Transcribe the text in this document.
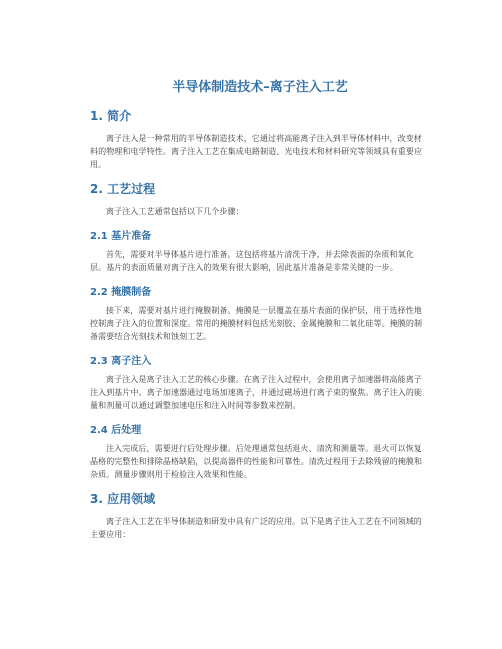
半导体制造技术–离子注入工艺
1. 简介

离子注入是一种常用的半导体制造技术，它通过将高能离子注入到半导体材料中，改变材料的物理和电学特性。离子注入工艺在集成电路制造、光电技术和材料研究等领域具有重要应用。

2. 工艺过程

离子注入工艺通常包括以下几个步骤：

2.1 基片准备

首先，需要对半导体基片进行准备。这包括将基片清洗干净，并去除表面的杂质和氧化层。基片的表面质量对离子注入的效果有很大影响，因此基片准备是非常关键的一步。

2.2 掩膜制备

接下来，需要对基片进行掩膜制备。掩膜是一层覆盖在基片表面的保护层，用于选择性地控制离子注入的位置和深度。常用的掩膜材料包括光刻胶、金属掩膜和二氧化硅等。掩膜的制备需要结合光刻技术和蚀刻工艺。

2.3 离子注入

离子注入是离子注入工艺的核心步骤。在离子注入过程中，会使用离子加速器将高能离子注入到基片中。离子加速器通过电场加速离子，并通过磁场进行离子束的聚焦。离子注入的能量和剂量可以通过调整加速电压和注入时间等参数来控制。

2.4 后处理

注入完成后，需要进行后处理步骤。后处理通常包括退火、清洗和测量等。退火可以恢复晶格的完整性和排除晶格缺陷，以提高器件的性能和可靠性。清洗过程用于去除残留的掩膜和杂质。测量步骤则用于检验注入效果和性能。

3. 应用领域

离子注入工艺在半导体制造和研发中具有广泛的应用。以下是离子注入工艺在不同领域的主要应用：
